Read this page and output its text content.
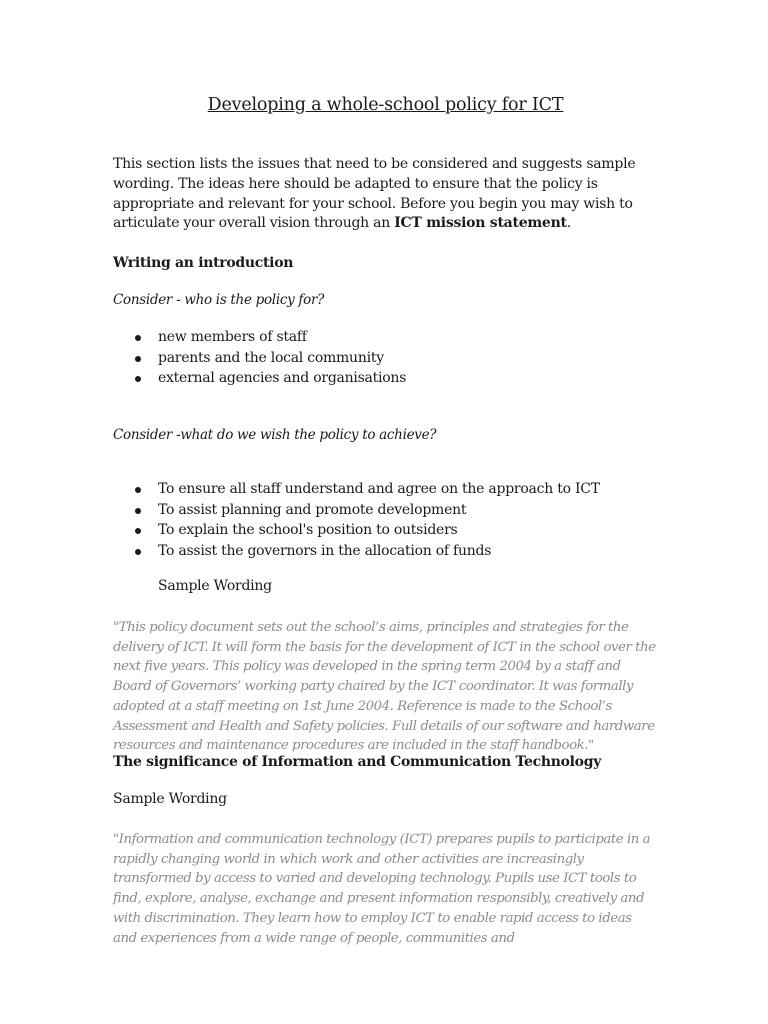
Developing a whole-school policy for ICT

This section lists the issues that need to be considered and suggests sample wording. The ideas here should be adapted to ensure that the policy is appropriate and relevant for your school. Before you begin you may wish to articulate your overall vision through an ICT mission statement.

Writing an introduction

Consider - who is the policy for?

new members of staff
parents and the local community
external agencies and organisations

Consider -what do we wish the policy to achieve?

To ensure all staff understand and agree on the approach to ICT
To assist planning and promote development
To explain the school's position to outsiders
To assist the governors in the allocation of funds

Sample Wording

"This policy document sets out the school’s aims, principles and strategies for the delivery of ICT. It will form the basis for the development of ICT in the school over the next five years. This policy was developed in the spring term 2004 by a staff and Board of Governors’ working party chaired by the ICT coordinator. It was formally adopted at a staff meeting on 1st June 2004. Reference is made to the School’s Assessment and Health and Safety policies. Full details of our software and hardware resources and maintenance procedures are included in the staff handbook."

The significance of Information and Communication Technology

Sample Wording

"Information and communication technology (ICT) prepares pupils to participate in a rapidly changing world in which work and other activities are increasingly transformed by access to varied and developing technology. Pupils use ICT tools to find, explore, analyse, exchange and present information responsibly, creatively and with discrimination. They learn how to employ ICT to enable rapid access to ideas and experiences from a wide range of people, communities and
